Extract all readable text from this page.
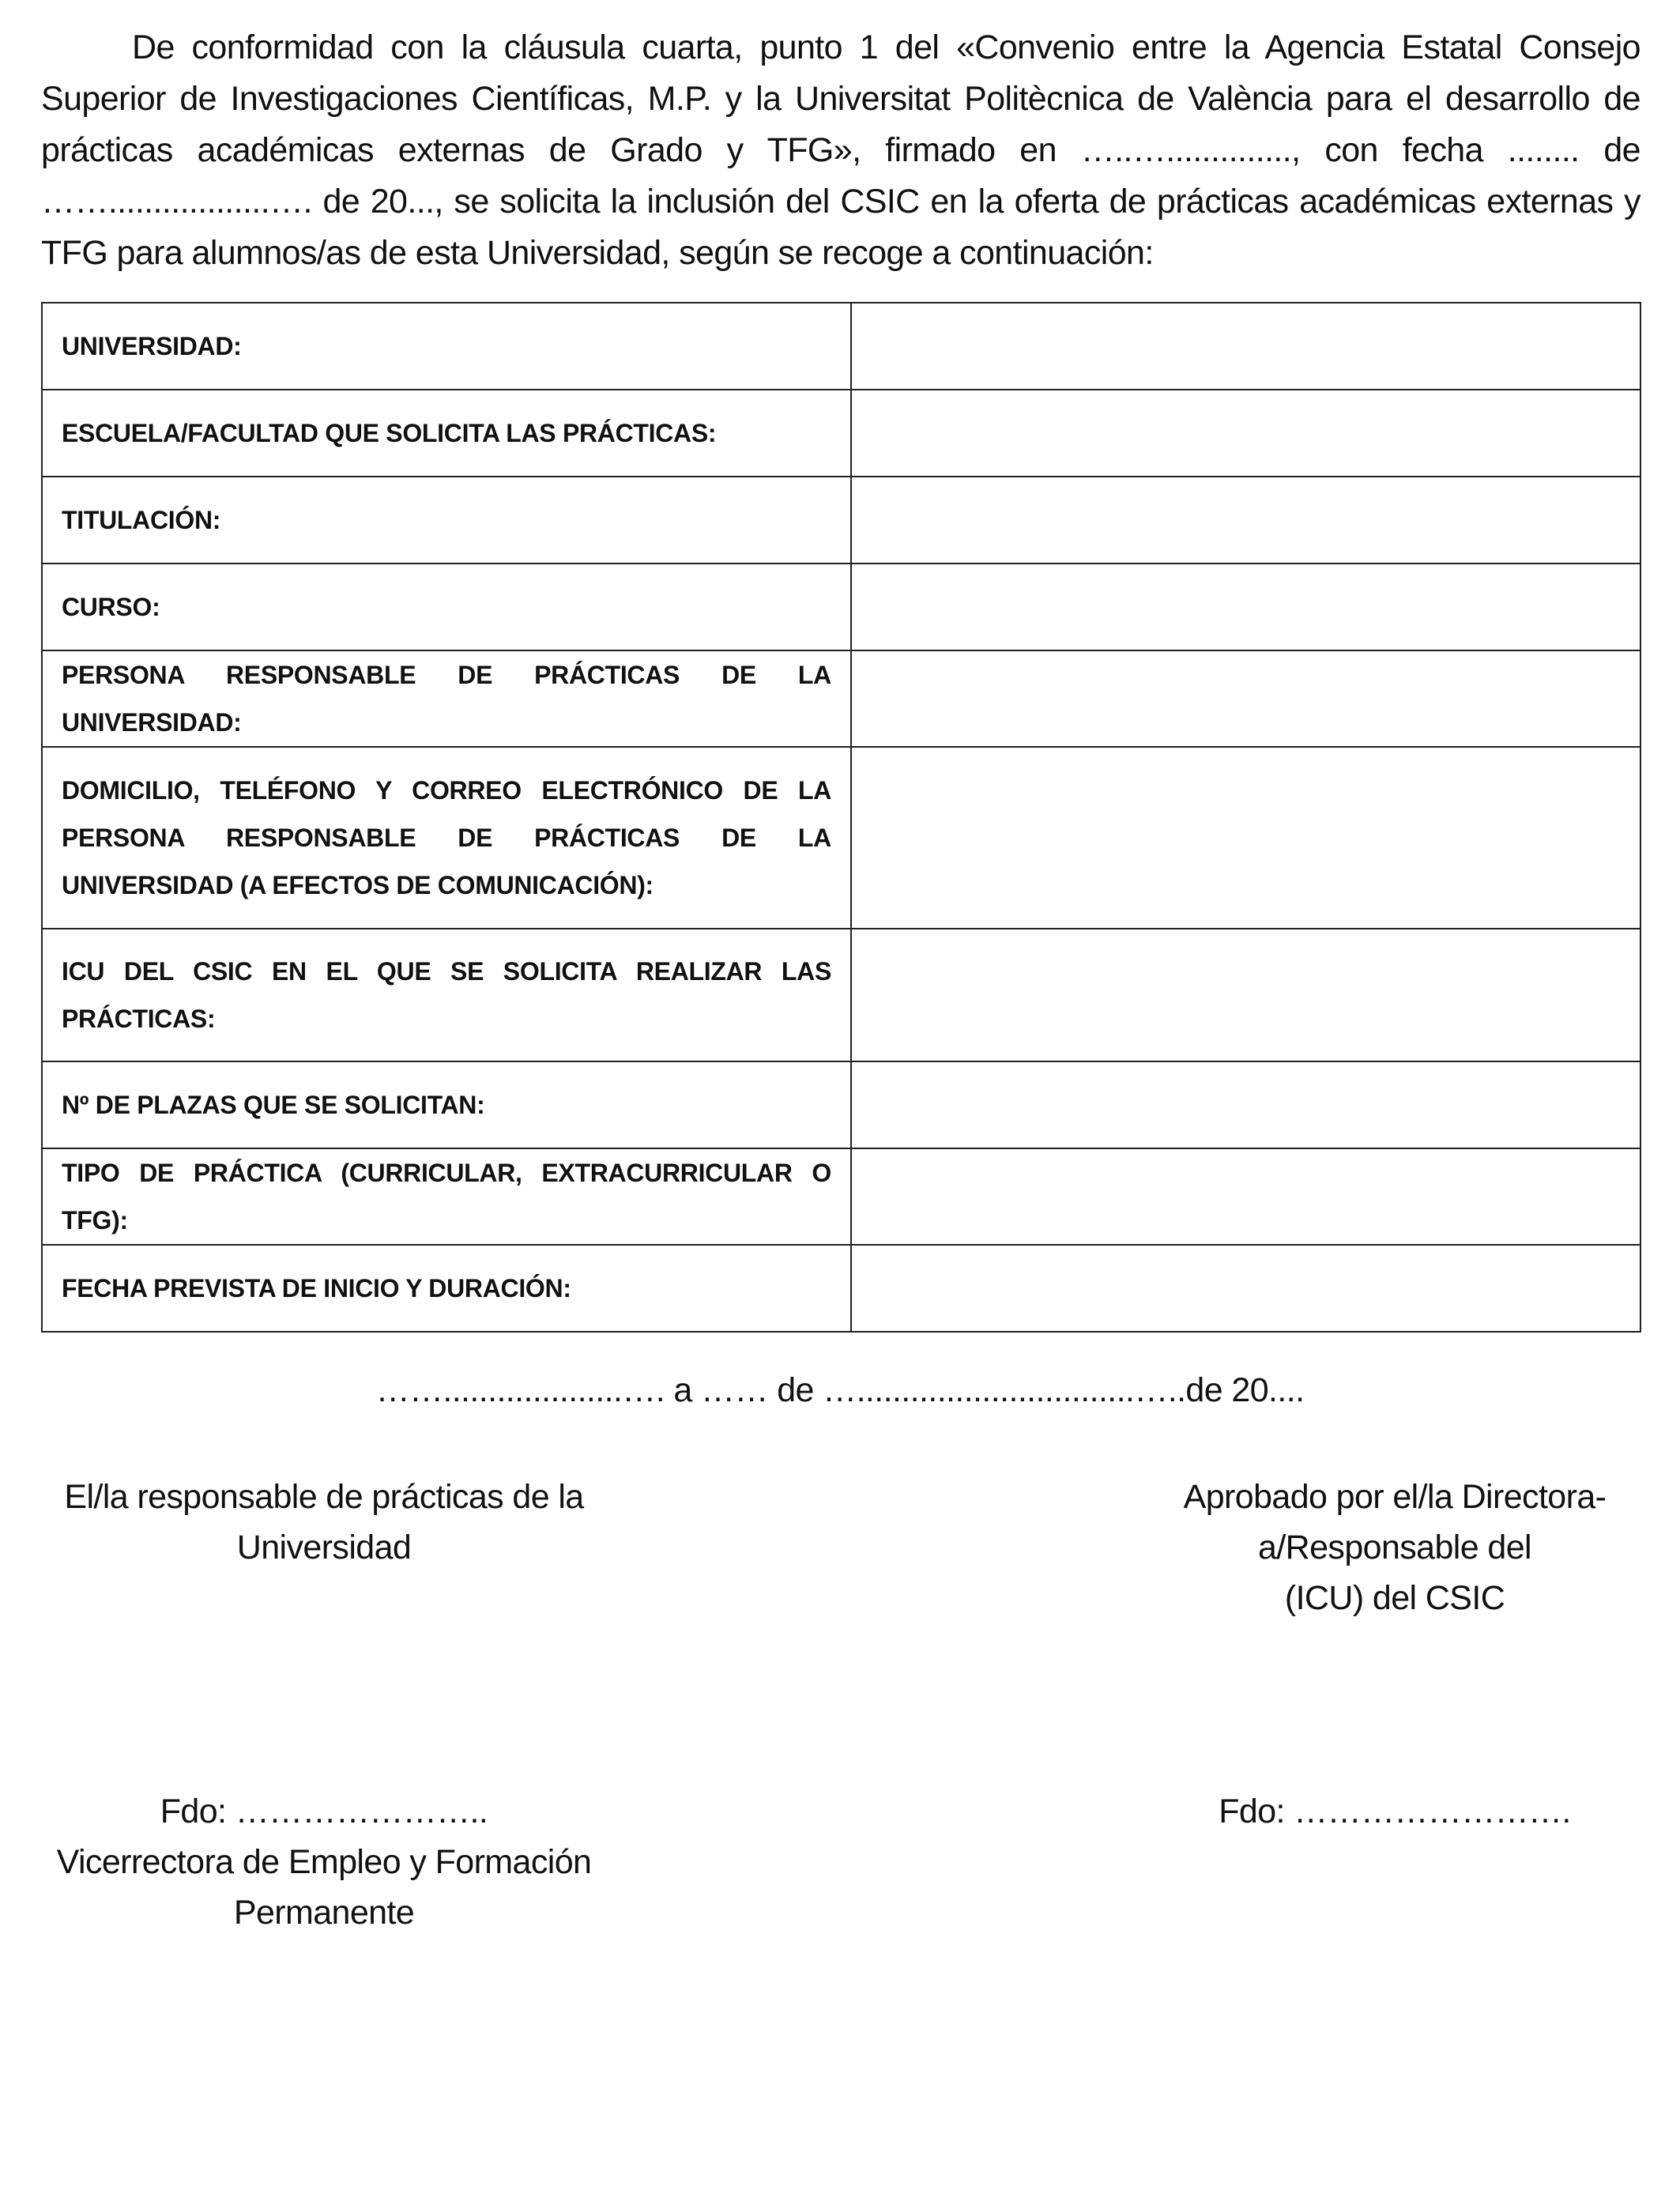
De conformidad con la cláusula cuarta, punto 1 del «Convenio entre la Agencia Estatal Consejo Superior de Investigaciones Científicas, M.P. y la Universitat Politècnica de València para el desarrollo de prácticas académicas externas de Grado y TFG», firmado en …..….............., con fecha ........ de ……..................…. de 20..., se solicita la inclusión del CSIC en la oferta de prácticas académicas externas y TFG para alumnos/as de esta Universidad, según se recoge a continuación:

UNIVERSIDAD:	
ESCUELA/FACULTAD QUE SOLICITA LAS PRÁCTICAS:	
TITULACIÓN:	
CURSO:	
PERSONA RESPONSABLE DE PRÁCTICAS DE LA UNIVERSIDAD:	
DOMICILIO, TELÉFONO Y CORREO ELECTRÓNICO DE LA PERSONA RESPONSABLE DE PRÁCTICAS DE LA UNIVERSIDAD (A EFECTOS DE COMUNICACIÓN):	
ICU DEL CSIC EN EL QUE SE SOLICITA REALIZAR LAS PRÁCTICAS:	
Nº DE PLAZAS QUE SE SOLICITAN:	
TIPO DE PRÁCTICA (CURRICULAR, EXTRACURRICULAR O TFG):	
FECHA PREVISTA DE INICIO Y DURACIÓN:	
……....................…. a …… de …...............................…..de 20....
El/la responsable de prácticas de la
Universidad
Aprobado por el/la Directora-
a/Responsable del
(ICU) del CSIC
Fdo: …………………..
Vicerrectora de Empleo y Formación
Permanente
Fdo: …………………….
